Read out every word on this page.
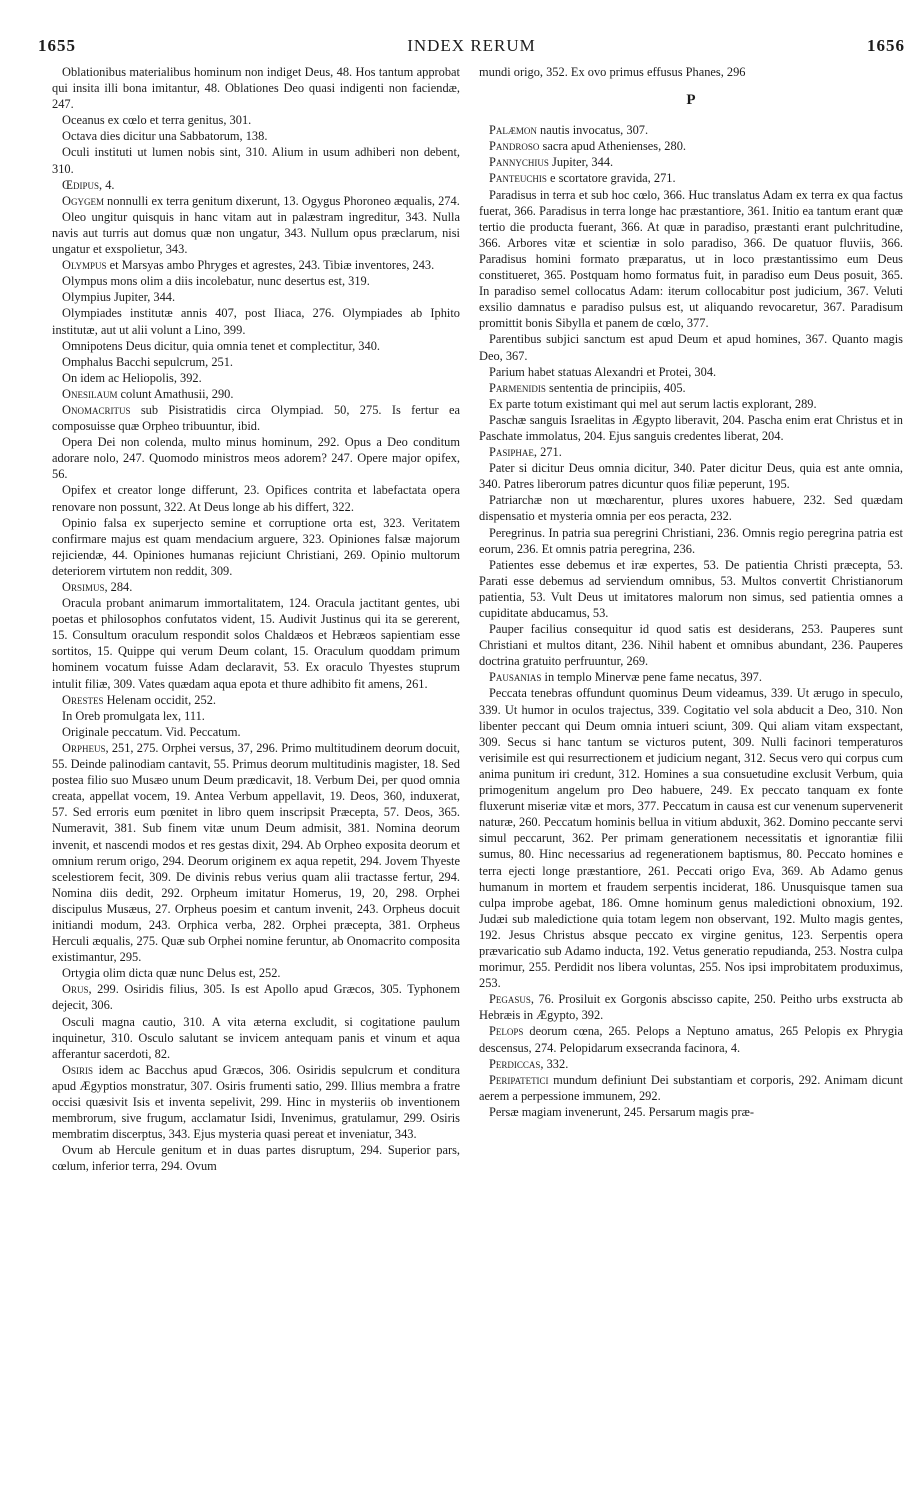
1655	INDEX RERUM	1656

Oblationibus materialibus hominum non indiget Deus, 48. Hos tantum approbat qui insita illi bona imitantur, 48. Oblationes Deo quasi indigenti non faciendæ, 247.

Oceanus ex cœlo et terra genitus, 301.

Octava dies dicitur una Sabbatorum, 138.

Oculi instituti ut lumen nobis sint, 310. Alium in usum adhiberi non debent, 310.

Œdipus, 4.

Ogygem nonnulli ex terra genitum dixerunt, 13. Ogygus Phoroneo æqualis, 274.

Oleo ungitur quisquis in hanc vitam aut in palæstram ingreditur, 343. Nulla navis aut turris aut domus quæ non ungatur, 343. Nullum opus præclarum, nisi ungatur et exspolietur, 343.

Olympus et Marsyas ambo Phryges et agrestes, 243. Tibiæ inventores, 243.

Olympus mons olim a diis incolebatur, nunc desertus est, 319.

Olympius Jupiter, 344.

Olympiades institutæ annis 407, post Iliaca, 276. Olympiades ab Iphito institutæ, aut ut alii volunt a Lino, 399.

Omnipotens Deus dicitur, quia omnia tenet et complectitur, 340.

Omphalus Bacchi sepulcrum, 251.

On idem ac Heliopolis, 392.

Onesilaum colunt Amathusii, 290.

Onomacritus sub Pisistratidis circa Olympiad. 50, 275. Is fertur ea composuisse quæ Orpheo tribuuntur, ibid.

Opera Dei non colenda, multo minus hominum, 292. Opus a Deo conditum adorare nolo, 247. Quomodo ministros meos adorem? 247. Opere major opifex, 56.

Opifex et creator longe differunt, 23. Opifices contrita et labefactata opera renovare non possunt, 322. At Deus longe ab his differt, 322.

Opinio falsa ex superjecto semine et corruptione orta est, 323. Veritatem confirmare majus est quam mendacium arguere, 323. Opiniones falsæ majorum rejiciendæ, 44. Opiniones humanas rejiciunt Christiani, 269. Opinio multorum deteriorem virtutem non reddit, 309.

Orsimus, 284.

Oracula probant animarum immortalitatem, 124. Oracula jactitant gentes, ubi poetas et philosophos confutatos vident, 15. Audivit Justinus qui ita se gererent, 15. Consultum oraculum respondit solos Chaldæos et Hebræos sapientiam esse sortitos, 15. Quippe qui verum Deum colant, 15. Oraculum quoddam primum hominem vocatum fuisse Adam declaravit, 53. Ex oraculo Thyestes stuprum intulit filiæ, 309. Vates quædam aqua epota et thure adhibito fit amens, 261.

Orestes Helenam occidit, 252.

In Oreb promulgata lex, 111.

Originale peccatum. Vid. Peccatum.

Orpheus, 251, 275. Orphei versus, 37, 296. Primo multitudinem deorum docuit, 55. Deinde palinodiam cantavit, 55. Primus deorum multitudinis magister, 18. Sed postea filio suo Musæo unum Deum prædicavit, 18. Verbum Dei, per quod omnia creata, appellat vocem, 19. Antea Verbum appellavit, 19. Deos, 360, induxerat, 57. Sed erroris eum pœnitet in libro quem inscripsit Præcepta, 57. Deos, 365. Numeravit, 381. Sub finem vitæ unum Deum admisit, 381. Nomina deorum invenit, et nascendi modos et res gestas dixit, 294. Ab Orpheo exposita deorum et omnium rerum origo, 294. Deorum originem ex aqua repetit, 294. Jovem Thyeste scelestiorem fecit, 309. De divinis rebus verius quam alii tractasse fertur, 294. Nomina diis dedit, 292. Orpheum imitatur Homerus, 19, 20, 298. Orphei discipulus Musæus, 27. Orpheus poesim et cantum invenit, 243. Orpheus docuit initiandi modum, 243. Orphica verba, 282. Orphei præcepta, 381. Orpheus Herculi æqualis, 275. Quæ sub Orphei nomine feruntur, ab Onomacrito composita existimantur, 295.

Ortygia olim dicta quæ nunc Delus est, 252.

Orus, 299. Osiridis filius, 305. Is est Apollo apud Græcos, 305. Typhonem dejecit, 306.

Osculi magna cautio, 310. A vita æterna excludit, si cogitatione paulum inquinetur, 310. Osculo salutant se invicem antequam panis et vinum et aqua afferantur sacerdoti, 82.

Osiris idem ac Bacchus apud Græcos, 306. Osiridis sepulcrum et conditura apud Ægyptios monstratur, 307. Osiris frumenti satio, 299. Illius membra a fratre occisi quæsivit Isis et inventa sepelivit, 299. Hinc in mysteriis ob inventionem membrorum, sive frugum, acclamatur Isidi, Invenimus, gratulamur, 299. Osiris membratim discerptus, 343. Ejus mysteria quasi pereat et inveniatur, 343.

Ovum ab Hercule genitum et in duas partes disruptum, 294. Superior pars, cœlum, inferior terra, 294. Ovum

mundi origo, 352. Ex ovo primus effusus Phanes, 296

P

Palæmon nautis invocatus, 307.

Pandroso sacra apud Athenienses, 280.

Pannychius Jupiter, 344.

Panteuchis e scortatore gravida, 271.

Paradisus in terra et sub hoc cœlo, 366. Huc translatus Adam ex terra ex qua factus fuerat, 366. Paradisus in terra longe hac præstantiore, 361. Initio ea tantum erant quæ tertio die producta fuerant, 366. At quæ in paradiso, præstanti erant pulchritudine, 366. Arbores vitæ et scientiæ in solo paradiso, 366. De quatuor fluviis, 366. Paradisus homini formato præparatus, ut in loco præstantissimo eum Deus constitueret, 365. Postquam homo formatus fuit, in paradiso eum Deus posuit, 365. In paradiso semel collocatus Adam: iterum collocabitur post judicium, 367. Veluti exsilio damnatus e paradiso pulsus est, ut aliquando revocaretur, 367. Paradisum promittit bonis Sibylla et panem de cœlo, 377.

Parentibus subjici sanctum est apud Deum et apud homines, 367. Quanto magis Deo, 367.

Parium habet statuas Alexandri et Protei, 304.

Parmenidis sententia de principiis, 405.

Ex parte totum existimant qui mel aut serum lactis explorant, 289.

Paschæ sanguis Israelitas in Ægypto liberavit, 204. Pascha enim erat Christus et in Paschate immolatus, 204. Ejus sanguis credentes liberat, 204.

Pasiphae, 271.

Pater si dicitur Deus omnia dicitur, 340. Pater dicitur Deus, quia est ante omnia, 340. Patres liberorum patres dicuntur quos filiæ peperunt, 195.

Patriarchæ non ut mœcharentur, plures uxores habuere, 232. Sed quædam dispensatio et mysteria omnia per eos peracta, 232.

Peregrinus. In patria sua peregrini Christiani, 236. Omnis regio peregrina patria est eorum, 236. Et omnis patria peregrina, 236.

Patientes esse debemus et iræ expertes, 53. De patientia Christi præcepta, 53. Parati esse debemus ad serviendum omnibus, 53. Multos convertit Christianorum patientia, 53. Vult Deus ut imitatores malorum non simus, sed patientia omnes a cupiditate abducamus, 53.

Pauper facilius consequitur id quod satis est desiderans, 253. Pauperes sunt Christiani et multos ditant, 236. Nihil habent et omnibus abundant, 236. Pauperes doctrina gratuito perfruuntur, 269.

Pausanias in templo Minervæ pene fame necatus, 397.

Peccata tenebras offundunt quominus Deum videamus, 339. Ut ærugo in speculo, 339. Ut humor in oculos trajectus, 339. Cogitatio vel sola abducit a Deo, 310. Non libenter peccant qui Deum omnia intueri sciunt, 309. Qui aliam vitam exspectant, 309. Secus si hanc tantum se victuros putent, 309. Nulli facinori temperaturos verisimile est qui resurrectionem et judicium negant, 312. Secus vero qui corpus cum anima punitum iri credunt, 312. Homines a sua consuetudine exclusit Verbum, quia primogenitum angelum pro Deo habuere, 249. Ex peccato tanquam ex fonte fluxerunt miseriæ vitæ et mors, 377. Peccatum in causa est cur venenum supervenerit naturæ, 260. Peccatum hominis bellua in vitium abduxit, 362. Domino peccante servi simul peccarunt, 362. Per primam generationem necessitatis et ignorantiæ filii sumus, 80. Hinc necessarius ad regenerationem baptismus, 80. Peccato homines e terra ejecti longe præstantiore, 261. Peccati origo Eva, 369. Ab Adamo genus humanum in mortem et fraudem serpentis inciderat, 186. Unusquisque tamen sua culpa improbe agebat, 186. Omne hominum genus maledictioni obnoxium, 192. Judæi sub maledictione quia totam legem non observant, 192. Multo magis gentes, 192. Jesus Christus absque peccato ex virgine genitus, 123. Serpentis opera prævaricatio sub Adamo inducta, 192. Vetus generatio repudianda, 253. Nostra culpa morimur, 255. Perdidit nos libera voluntas, 255. Nos ipsi improbitatem produximus, 253.

Pegasus, 76. Prosiluit ex Gorgonis abscisso capite, 250. Peitho urbs exstructa ab Hebræis in Ægypto, 392.

Pelops deorum cœna, 265. Pelops a Neptuno amatus, 265 Pelopis ex Phrygia descensus, 274. Pelopidarum exsecranda facinora, 4.

Perdiccas, 332.

Peripatetici mundum definiunt Dei substantiam et corporis, 292. Animam dicunt aerem a perpessione immunem, 292.

Persæ magiam invenerunt, 245. Persarum magis præ-
